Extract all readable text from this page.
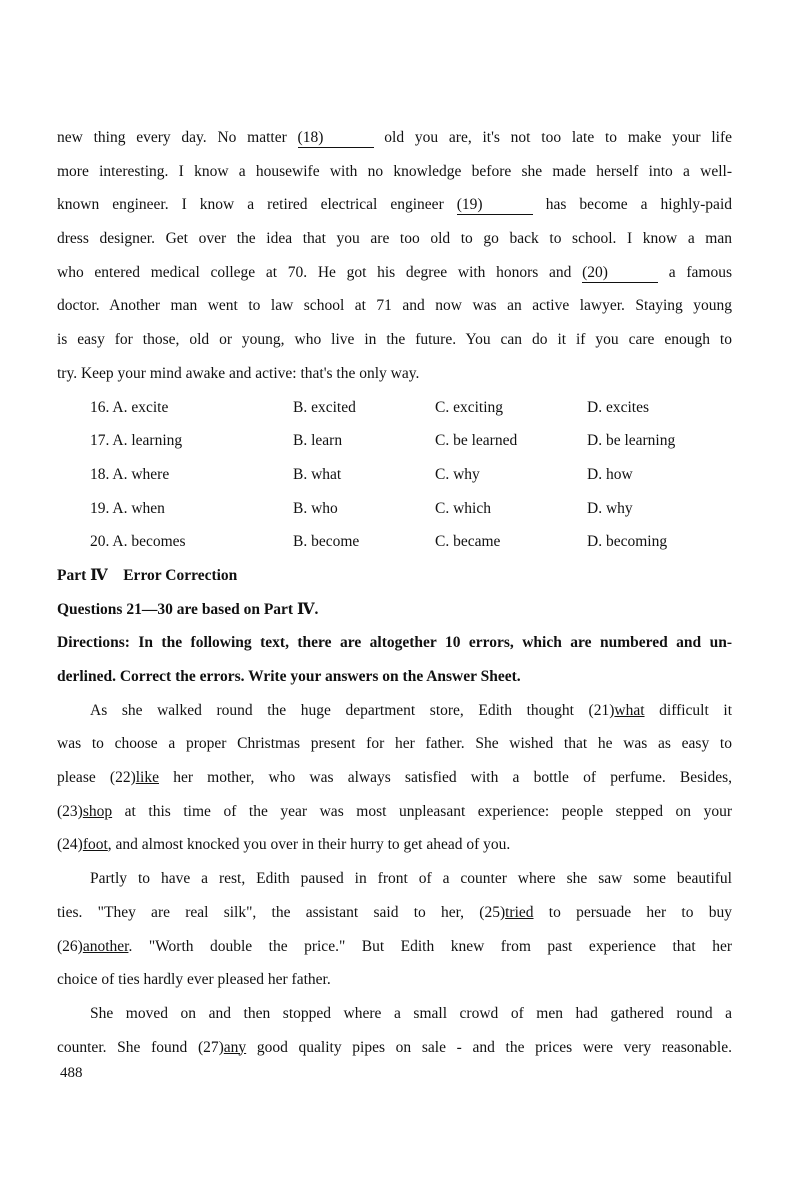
new thing every day. No matter (18)	old you are, it's not too late to make your life
more interesting. I know a housewife with no knowledge before she made herself into a well-
known engineer. I know a retired electrical engineer (19)	has become a highly-paid
dress designer. Get over the idea that you are too old to go back to school. I know a man
who entered medical college at 70. He got his degree with honors and (20)	a famous
doctor. Another man went to law school at 71 and now was an active lawyer. Staying young
is easy for those, old or young, who live in the future. You can do it if you care enough to
try. Keep your mind awake and active: that's the only way.
16. A. excite	B. excited	C. exciting	D. excites
17. A. learning	B. learn	C. be learned	D. be learning
18. A. where	B. what	C. why	D. how
19. A. when	B. who	C. which	D. why
20. A. becomes	B. become	C. became	D. becoming
Part Ⅳ    Error Correction
Questions 21—30 are based on Part Ⅳ.
Directions: In the following text, there are altogether 10 errors, which are numbered and un-
derlined. Correct the errors. Write your answers on the Answer Sheet.
As she walked round the huge department store, Edith thought (21)what difficult it
was to choose a proper Christmas present for her father. She wished that he was as easy to
please (22)like her mother, who was always satisfied with a bottle of perfume. Besides,
(23)shop at this time of the year was most unpleasant experience: people stepped on your
(24)foot, and almost knocked you over in their hurry to get ahead of you.
Partly to have a rest, Edith paused in front of a counter where she saw some beautiful
ties. "They are real silk", the assistant said to her, (25)tried to persuade her to buy
(26)another. "Worth double the price." But Edith knew from past experience that her
choice of ties hardly ever pleased her father.
She moved on and then stopped where a small crowd of men had gathered round a
counter. She found (27)any good quality pipes on sale - and the prices were very reasonable.
488
